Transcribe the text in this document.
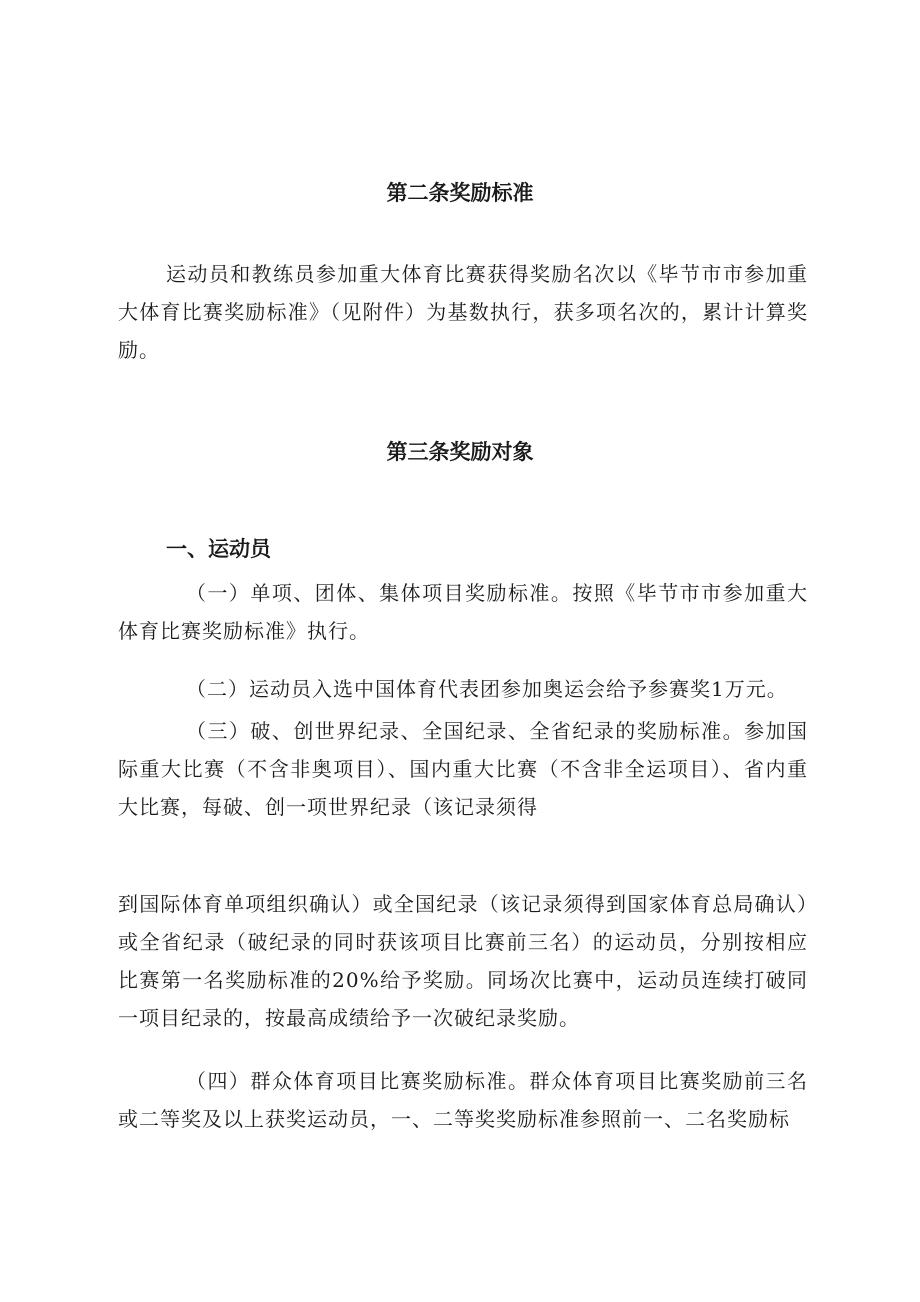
第二条奖励标准

运动员和教练员参加重大体育比赛获得奖励名次以《毕节市市参加重大体育比赛奖励标准》（见附件）为基数执行，获多项名次的，累计计算奖励。

第三条奖励对象
一、运动员

（一）单项、团体、集体项目奖励标准。按照《毕节市市参加重大体育比赛奖励标准》执行。

（二）运动员入选中国体育代表团参加奥运会给予参赛奖1万元。

（三）破、创世界纪录、全国纪录、全省纪录的奖励标准。参加国际重大比赛（不含非奥项目）、国内重大比赛（不含非全运项目）、省内重大比赛，每破、创一项世界纪录（该记录须得

到国际体育单项组织确认）或全国纪录（该记录须得到国家体育总局确认）或全省纪录（破纪录的同时获该项目比赛前三名）的运动员，分别按相应比赛第一名奖励标准的20%给予奖励。同场次比赛中，运动员连续打破同一项目纪录的，按最高成绩给予一次破纪录奖励。

（四）群众体育项目比赛奖励标准。群众体育项目比赛奖励前三名或二等奖及以上获奖运动员，一、二等奖奖励标准参照前一、二名奖励标
